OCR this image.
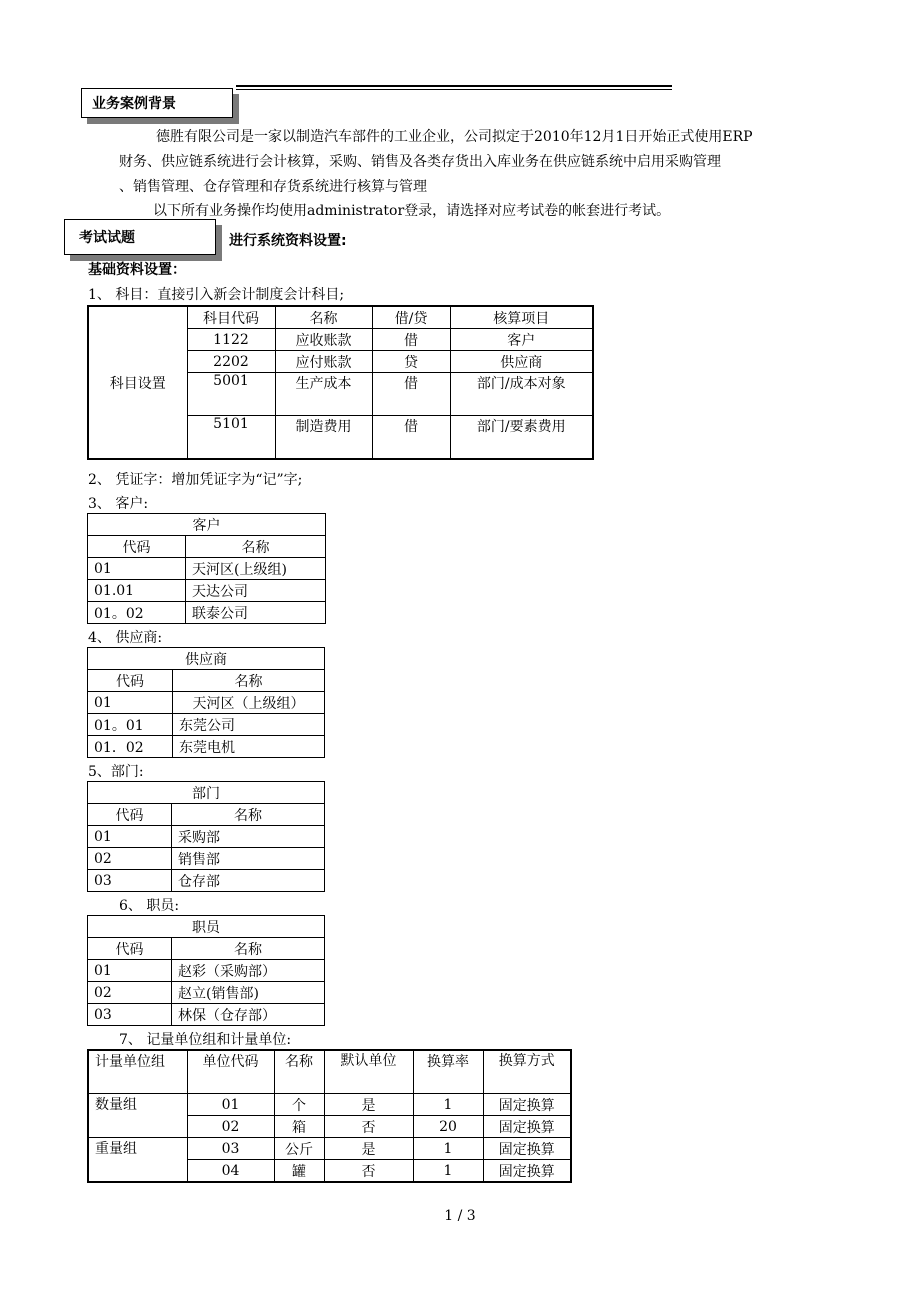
业务案例背景
德胜有限公司是一家以制造汽车部件的工业企业，公司拟定于2010年12月1日开始正式使用ERP
财务、供应链系统进行会计核算，采购、销售及各类存货出入库业务在供应链系统中启用采购管理
、销售管理、仓存管理和存货系统进行核算与管理
以下所有业务操作均使用administrator登录，请选择对应考试卷的帐套进行考试。
考试试题	进行系统资料设置:
基础资料设置：
1、 科目：直接引入新会计制度会计科目;
科目设置	科目代码	名称	借/贷	核算项目
	1122	应收账款	借	客户
	2202	应付账款	贷	供应商
	5001	生产成本	借	部门/成本对象
	5101	制造费用	借	部门/要素费用
2、 凭证字：增加凭证字为“记”字;
3、 客户:
客户	
代码	名称
01	天河区(上级组)
01.01	天达公司
01。02	联泰公司
4、 供应商:
供应商	
代码	名称
01	天河区（上级组）
01。01	东莞公司
01．02	东莞电机
5、部门:
部门	
代码	名称
01	采购部
02	销售部
03	仓存部
6、 职员:
职员	
代码	名称
01	赵彩（采购部）
02	赵立(销售部)
03	林保（仓存部）
7、 记量单位组和计量单位:
计量单位组	单位代码	名称	默认单位	换算率	换算方式
数量组	01	个	是	1	固定换算
	02	箱	否	20	固定换算
重量组	03	公斤	是	1	固定换算
	04	罐	否	1	固定换算
1 / 3
